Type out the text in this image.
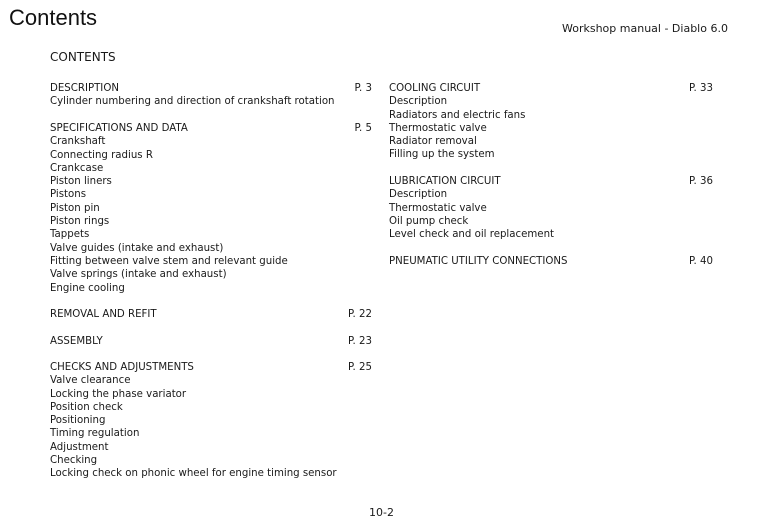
Contents	Workshop manual - Diablo 6.0
CONTENTS
DESCRIPTION	P. 3
Cylinder numbering and direction of crankshaft rotation
SPECIFICATIONS AND DATA	P. 5
Crankshaft
Connecting radius R
Crankcase
Piston liners
Pistons
Piston pin
Piston rings
Tappets
Valve guides (intake and exhaust)
Fitting between valve stem and relevant guide
Valve springs (intake and exhaust)
Engine cooling
REMOVAL AND REFIT	P. 22
ASSEMBLY	P. 23
CHECKS AND ADJUSTMENTS	P. 25
Valve clearance
Locking the phase variator
Position check
Positioning
Timing regulation
Adjustment
Checking
Locking check on phonic wheel for engine timing sensor
COOLING CIRCUIT	P. 33
Description
Radiators and electric fans
Thermostatic valve
Radiator removal
Filling up the system
LUBRICATION CIRCUIT	P. 36
Description
Thermostatic valve
Oil pump check
Level check and oil replacement
PNEUMATIC UTILITY CONNECTIONS	P. 40
10-2
